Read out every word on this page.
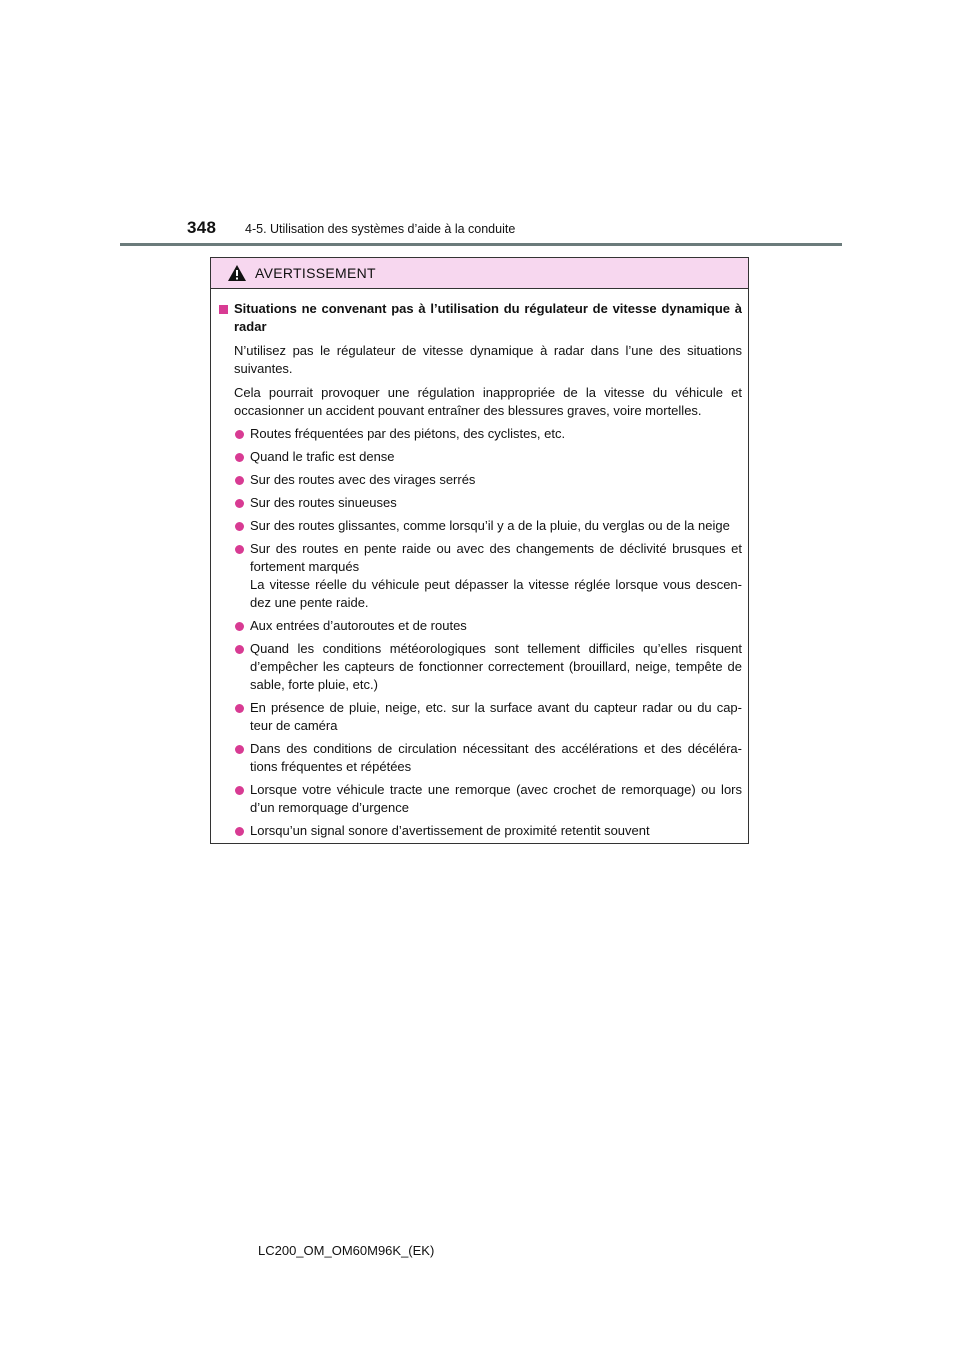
348 4-5. Utilisation des systèmes d’aide à la conduite
AVERTISSEMENT
Situations ne convenant pas à l’utilisation du régulateur de vitesse dynamique à radar
N’utilisez pas le régulateur de vitesse dynamique à radar dans l’une des situations suivantes.
Cela pourrait provoquer une régulation inappropriée de la vitesse du véhicule et occasionner un accident pouvant entraîner des blessures graves, voire mortelles.
Routes fréquentées par des piétons, des cyclistes, etc.
Quand le trafic est dense
Sur des routes avec des virages serrés
Sur des routes sinueuses
Sur des routes glissantes, comme lorsqu’il y a de la pluie, du verglas ou de la neige
Sur des routes en pente raide ou avec des changements de déclivité brusques et fortement marqués
La vitesse réelle du véhicule peut dépasser la vitesse réglée lorsque vous descen-dez une pente raide.
Aux entrées d’autoroutes et de routes
Quand les conditions météorologiques sont tellement difficiles qu’elles risquent d’empêcher les capteurs de fonctionner correctement (brouillard, neige, tempête de sable, forte pluie, etc.)
En présence de pluie, neige, etc. sur la surface avant du capteur radar ou du cap-teur de caméra
Dans des conditions de circulation nécessitant des accélérations et des décéléra-tions fréquentes et répétées
Lorsque votre véhicule tracte une remorque (avec crochet de remorquage) ou lors d’un remorquage d’urgence
Lorsqu’un signal sonore d’avertissement de proximité retentit souvent
LC200_OM_OM60M96K_(EK)
